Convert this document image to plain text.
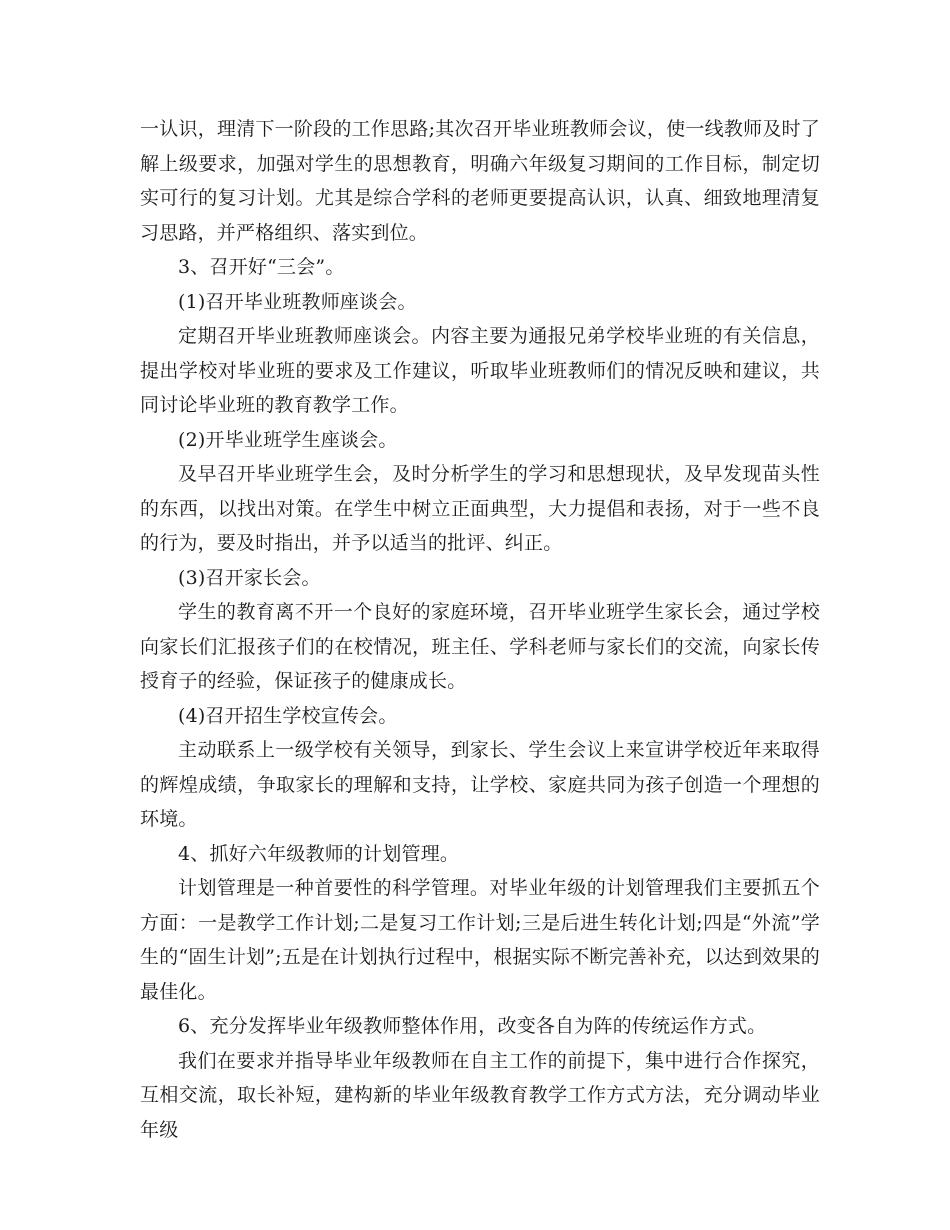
一认识，理清下一阶段的工作思路;其次召开毕业班教师会议，使一线教师及时了解上级要求，加强对学生的思想教育，明确六年级复习期间的工作目标，制定切实可行的复习计划。尤其是综合学科的老师更要提高认识，认真、细致地理清复习思路，并严格组织、落实到位。

3、召开好“三会”。

(1)召开毕业班教师座谈会。

定期召开毕业班教师座谈会。内容主要为通报兄弟学校毕业班的有关信息，提出学校对毕业班的要求及工作建议，听取毕业班教师们的情况反映和建议，共同讨论毕业班的教育教学工作。

(2)开毕业班学生座谈会。

及早召开毕业班学生会，及时分析学生的学习和思想现状，及早发现苗头性的东西，以找出对策。在学生中树立正面典型，大力提倡和表扬，对于一些不良的行为，要及时指出，并予以适当的批评、纠正。

(3)召开家长会。

学生的教育离不开一个良好的家庭环境，召开毕业班学生家长会，通过学校向家长们汇报孩子们的在校情况，班主任、学科老师与家长们的交流，向家长传授育子的经验，保证孩子的健康成长。

(4)召开招生学校宣传会。

主动联系上一级学校有关领导，到家长、学生会议上来宣讲学校近年来取得的辉煌成绩，争取家长的理解和支持，让学校、家庭共同为孩子创造一个理想的环境。

4、抓好六年级教师的计划管理。

计划管理是一种首要性的科学管理。对毕业年级的计划管理我们主要抓五个方面：一是教学工作计划;二是复习工作计划;三是后进生转化计划;四是“外流”学生的“固生计划”;五是在计划执行过程中，根据实际不断完善补充，以达到效果的最佳化。

6、充分发挥毕业年级教师整体作用，改变各自为阵的传统运作方式。

我们在要求并指导毕业年级教师在自主工作的前提下，集中进行合作探究，互相交流，取长补短，建构新的毕业年级教育教学工作方式方法，充分调动毕业年级
